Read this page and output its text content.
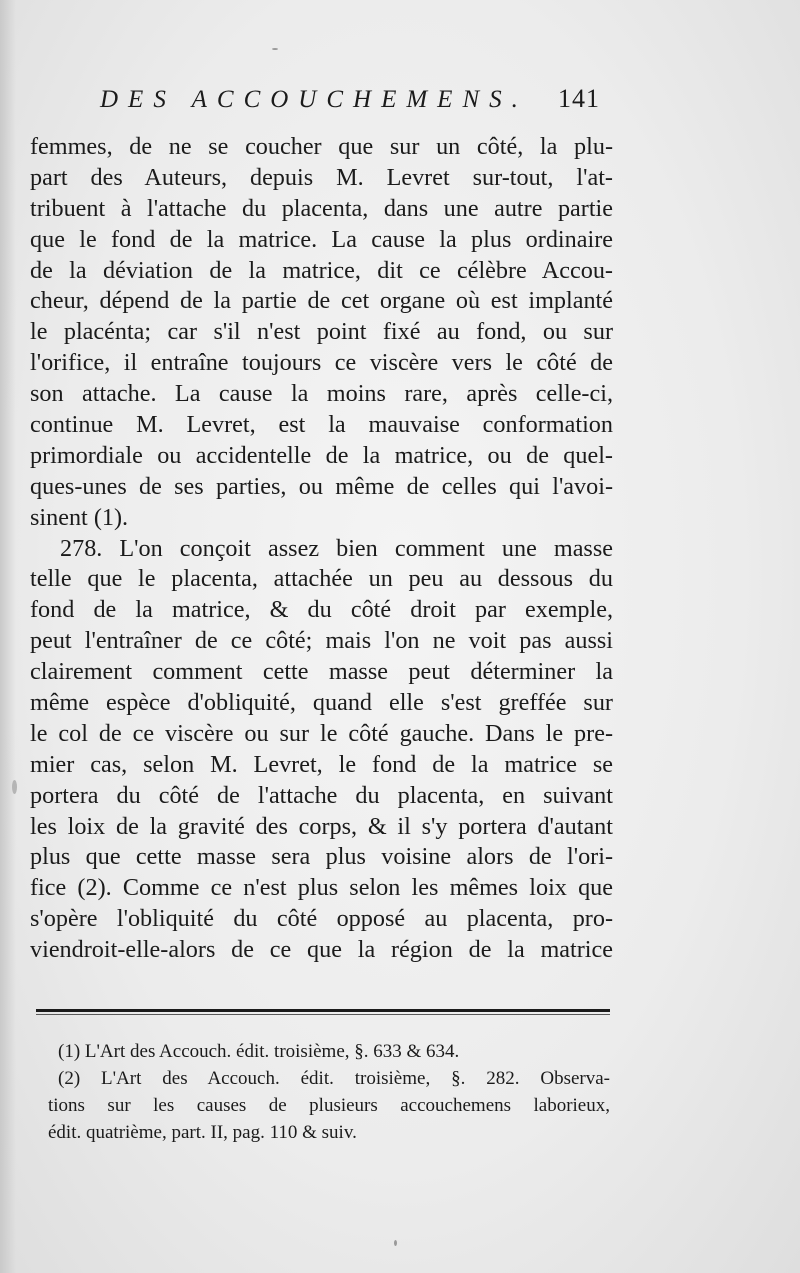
DES ACCOUCHEMENS. 141
femmes, de ne se coucher que sur un côté, la plu-
part des Auteurs, depuis M. Levret sur-tout, l'at-
tribuent à l'attache du placenta, dans une autre partie
que le fond de la matrice. La cause la plus ordinaire
de la déviation de la matrice, dit ce célèbre Accou-
cheur, dépend de la partie de cet organe où est implanté
le placénta; car s'il n'est point fixé au fond, ou sur
l'orifice, il entraîne toujours ce viscère vers le côté de
son attache. La cause la moins rare, après celle-ci,
continue M. Levret, est la mauvaise conformation
primordiale ou accidentelle de la matrice, ou de quel-
ques-unes de ses parties, ou même de celles qui l'avoi-
sinent (1).
278. L'on conçoit assez bien comment une masse
telle que le placenta, attachée un peu au dessous du
fond de la matrice, & du côté droit par exemple,
peut l'entraîner de ce côté; mais l'on ne voit pas aussi
clairement comment cette masse peut déterminer la
même espèce d'obliquité, quand elle s'est greffée sur
le col de ce viscère ou sur le côté gauche. Dans le pre-
mier cas, selon M. Levret, le fond de la matrice se
portera du côté de l'attache du placenta, en suivant
les loix de la gravité des corps, & il s'y portera d'autant
plus que cette masse sera plus voisine alors de l'ori-
fice (2). Comme ce n'est plus selon les mêmes loix que
s'opère l'obliquité du côté opposé au placenta, pro-
viendroit-elle-alors de ce que la région de la matrice
(1) L'Art des Accouch. édit. troisième, §. 633 & 634.
(2) L'Art des Accouch. édit. troisième, §. 282. Observa-
tions sur les causes de plusieurs accouchemens laborieux,
édit. quatrième, part. II, pag. 110 & suiv.
